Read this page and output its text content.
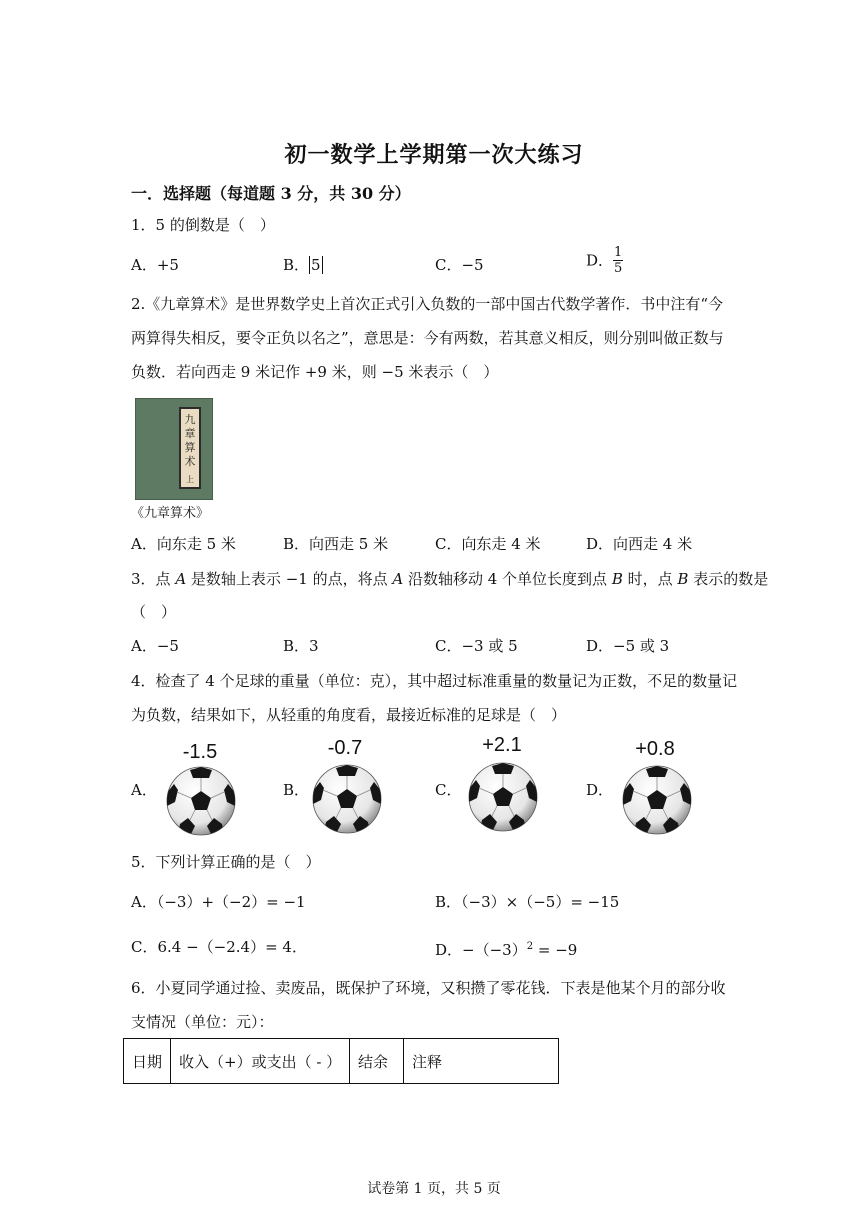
初一数学上学期第一次大练习
一．选择题（每道题 3 分，共 30 分）
1．5 的倒数是（　）
A．+5	B． 5	C．−5	D． $\frac{1}{5}$
2.《九章算术》是世界数学史上首次正式引入负数的一部中国古代数学著作．书中注有“今
两算得失相反，要令正负以名之”，意思是：今有两数，若其意义相反，则分别叫做正数与
负数．若向西走 9 米记作 +9 米，则 −5 米表示（　）
九章算术
上
《九章算术》
A．向东走 5 米	B．向西走 5 米	C．向东走 4 米	D．向西走 4 米
3．点 A 是数轴上表示 −1 的点，将点 A 沿数轴移动 4 个单位长度到点 B 时，点 B 表示的数是
（　）
A．−5	B．3	C．−3 或 5	D．−5 或 3
4．检查了 4 个足球的重量（单位：克），其中超过标准重量的数量记为正数，不足的数量记
为负数，结果如下，从轻重的角度看，最接近标准的足球是（　）
A．
-1.5
B．
-0.7
C．
+2.1
D．
+0.8
5．下列计算正确的是（　）
A．（−3）+（−2）= −1	B．（−3）×（−5）= −15
C．6.4 −（−2.4）= 4．	D．$-(-3)^2 = -9$
6．小夏同学通过捡、卖废品，既保护了环境，又积攒了零花钱．下表是他某个月的部分收
支情况（单位：元）：
日期	收入（+）或支出（ - ）	结余	注释
试卷第 1 页，共 5 页
